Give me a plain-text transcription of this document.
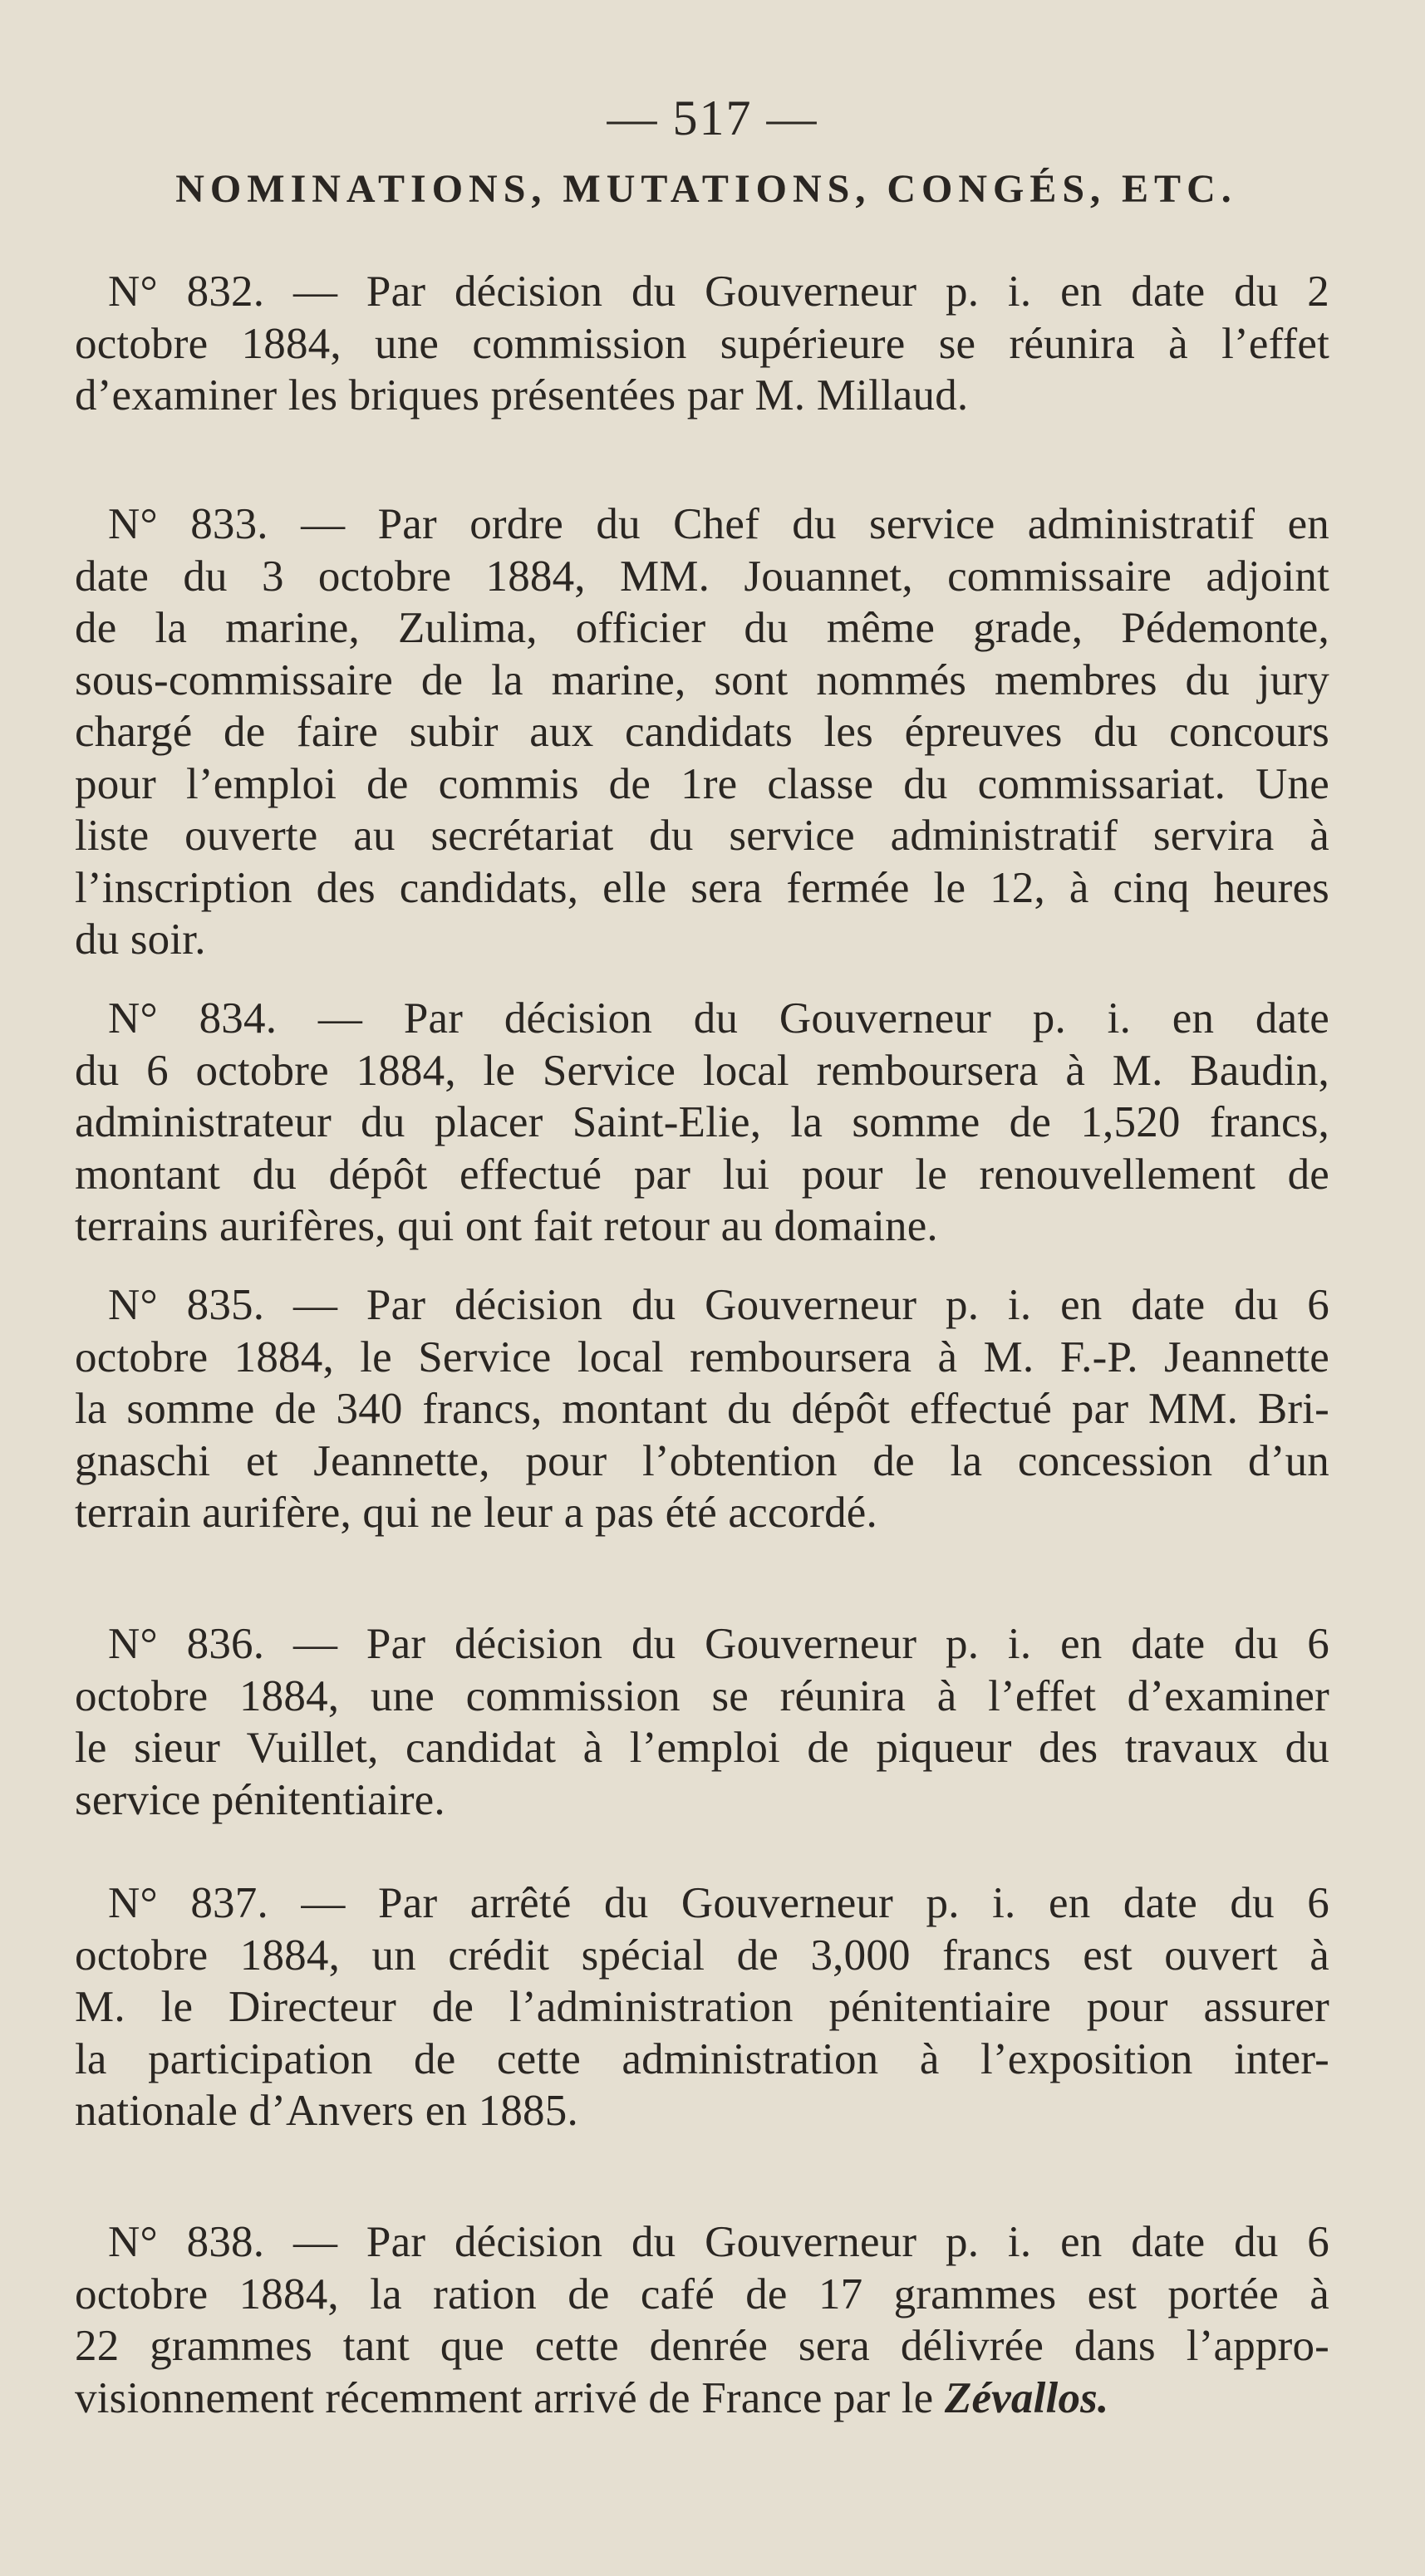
— 517 —
NOMINATIONS, MUTATIONS, CONGÉS, ETC.
N° 832. — Par décision du Gouverneur p. i. en date du 2
octobre 1884, une commission supérieure se réunira à l’effet
d’examiner les briques présentées par M. Millaud.
N° 833. — Par ordre du Chef du service administratif en
date du 3 octobre 1884, MM. Jouannet, commissaire adjoint
de la marine, Zulima, officier du même grade, Pédemonte,
sous-commissaire de la marine, sont nommés membres du jury
chargé de faire subir aux candidats les épreuves du concours
pour l’emploi de commis de 1re classe du commissariat. Une
liste ouverte au secrétariat du service administratif servira à
l’inscription des candidats, elle sera fermée le 12, à cinq heures
du soir.
N° 834. — Par décision du Gouverneur p. i. en date
du 6 octobre 1884, le Service local remboursera à M. Baudin,
administrateur du placer Saint-Elie, la somme de 1,520 francs,
montant du dépôt effectué par lui pour le renouvellement de
terrains aurifères, qui ont fait retour au domaine.
N° 835. — Par décision du Gouverneur p. i. en date du 6
octobre 1884, le Service local remboursera à M. F.-P. Jeannette
la somme de 340 francs, montant du dépôt effectué par MM. Bri-
gnaschi et Jeannette, pour l’obtention de la concession d’un
terrain aurifère, qui ne leur a pas été accordé.
N° 836. — Par décision du Gouverneur p. i. en date du 6
octobre 1884, une commission se réunira à l’effet d’examiner
le sieur Vuillet, candidat à l’emploi de piqueur des travaux du
service pénitentiaire.
N° 837. — Par arrêté du Gouverneur p. i. en date du 6
octobre 1884, un crédit spécial de 3,000 francs est ouvert à
M. le Directeur de l’administration pénitentiaire pour assurer
la participation de cette administration à l’exposition inter-
nationale d’Anvers en 1885.
N° 838. — Par décision du Gouverneur p. i. en date du 6
octobre 1884, la ration de café de 17 grammes est portée à
22 grammes tant que cette denrée sera délivrée dans l’appro-
visionnement récemment arrivé de France par le Zévallos.
